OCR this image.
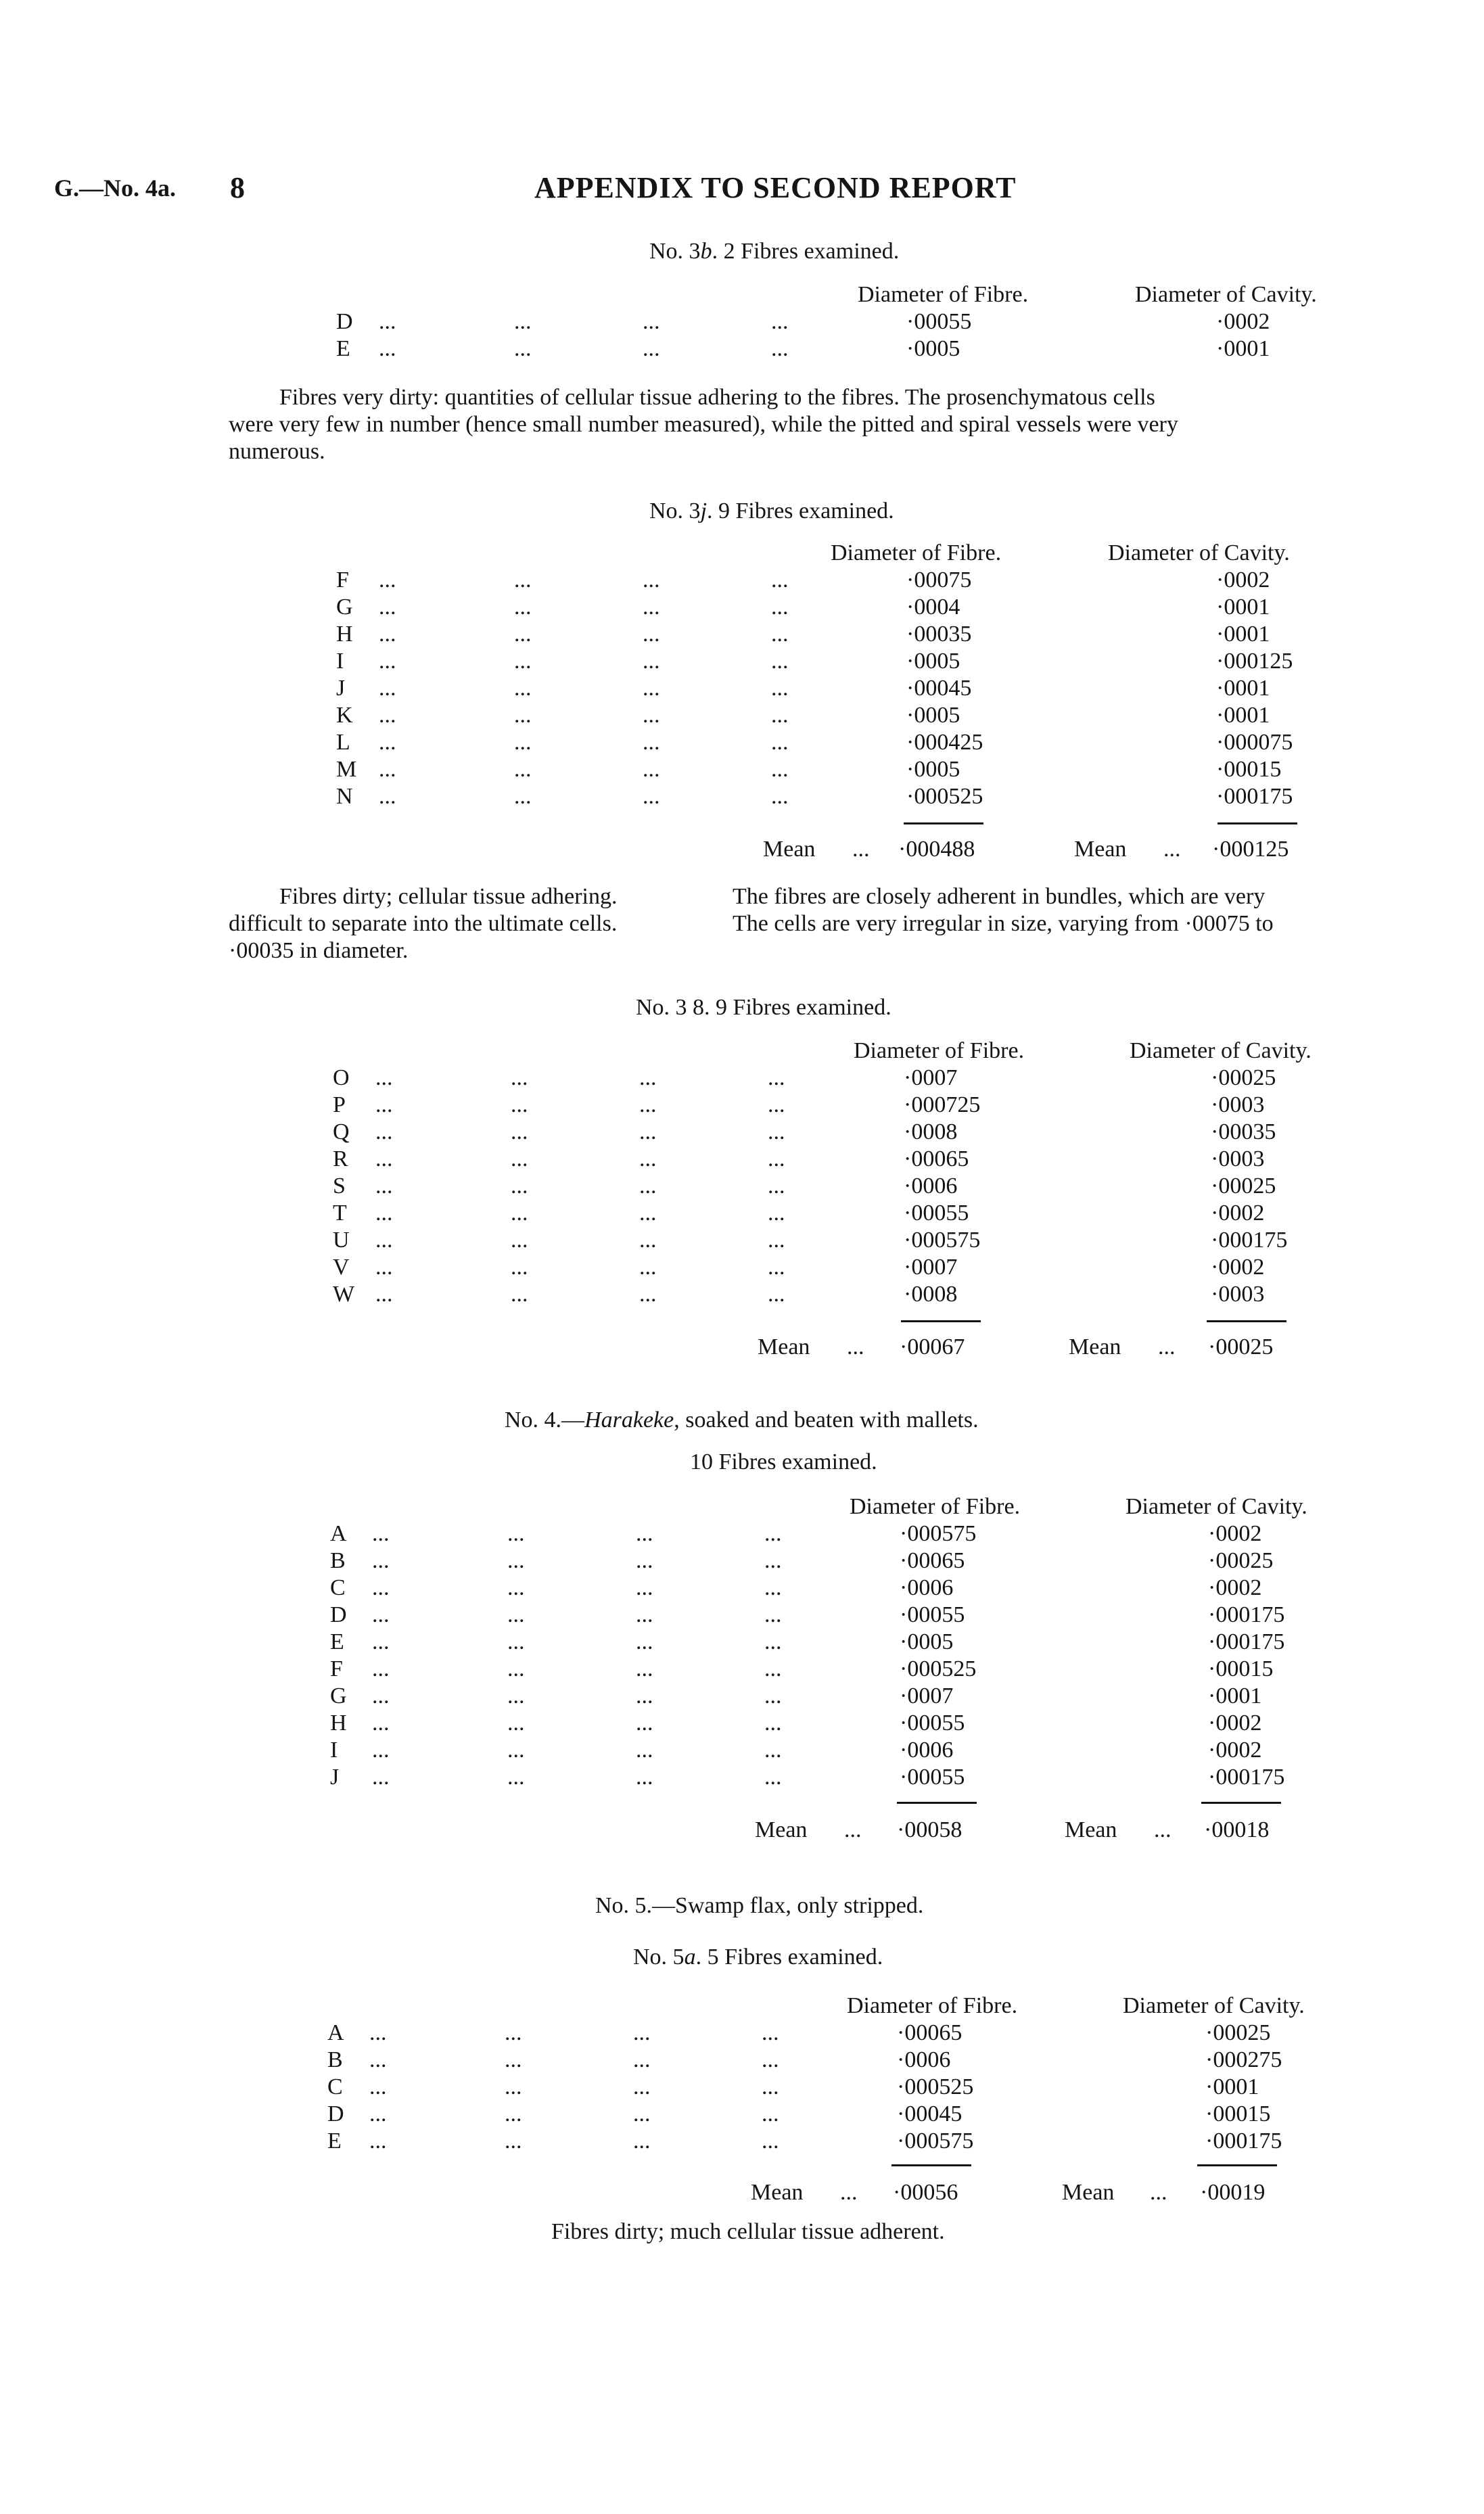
G.—No. 4a. 8	APPENDIX TO SECOND REPORT
No. 3b. 2 Fibres examined.
Diameter of Fibre.	Diameter of Cavity.
D ...	...	...	...	·00055	·0002
E ...	...	...	...	·0005	·0001
Fibres very dirty: quantities of cellular tissue adhering to the fibres. The prosenchymatous cells
were very few in number (hence small number measured), while the pitted and spiral vessels were very
numerous.
No. 3j. 9 Fibres examined.
Diameter of Fibre.	Diameter of Cavity.
F ...	...	...	...	·00075	·0002
G ...	...	...	...	·0004	·0001
H ...	...	...	...	·00035	·0001
I ...	...	...	...	·0005	·000125
J ...	...	...	...	·00045	·0001
K ...	...	...	...	·0005	·0001
L ...	...	...	...	·000425	·000075
M ...	...	...	...	·0005	·00015
N ...	...	...	...	·000525	·000175
Mean ... ·000488	Mean ... ·000125
Fibres dirty; cellular tissue adhering.
difficult to separate into the ultimate cells.
·00035 in diameter.
The fibres are closely adherent in bundles, which are very
The cells are very irregular in size, varying from ·00075 to
No. 3 8. 9 Fibres examined.
Diameter of Fibre.	Diameter of Cavity.
O ...	...	...	...	·0007	·00025
P ...	...	...	...	·000725	·0003
Q ...	...	...	...	·0008	·00035
R ...	...	...	...	·00065	·0003
S ...	...	...	...	·0006	·00025
T ...	...	...	...	·00055	·0002
U ...	...	...	...	·000575	·000175
V ...	...	...	...	·0007	·0002
W ...	...	...	...	·0008	·0003
Mean ... ·00067	Mean ... ·00025
No. 4.—Harakeke, soaked and beaten with mallets.
10 Fibres examined.
Diameter of Fibre.	Diameter of Cavity.
A ...	...	...	...	·000575	·0002
B ...	...	...	...	·00065	·00025
C ...	...	...	...	·0006	·0002
D ...	...	...	...	·00055	·000175
E ...	...	...	...	·0005	·000175
F ...	...	...	...	·000525	·00015
G ...	...	...	...	·0007	·0001
H ...	...	...	...	·00055	·0002
I ...	...	...	...	·0006	·0002
J ...	...	...	...	·00055	·000175
Mean ... ·00058	Mean ... ·00018
No. 5.—Swamp flax, only stripped.
No. 5a. 5 Fibres examined.
Diameter of Fibre.	Diameter of Cavity.
A ...	...	...	...	·00065	·00025
B ...	...	...	...	·0006	·000275
C ...	...	...	...	·000525	·0001
D ...	...	...	...	·00045	·00015
E ...	...	...	...	·000575	·000175
Mean ... ·00056	Mean ... ·00019
Fibres dirty; much cellular tissue adherent.
